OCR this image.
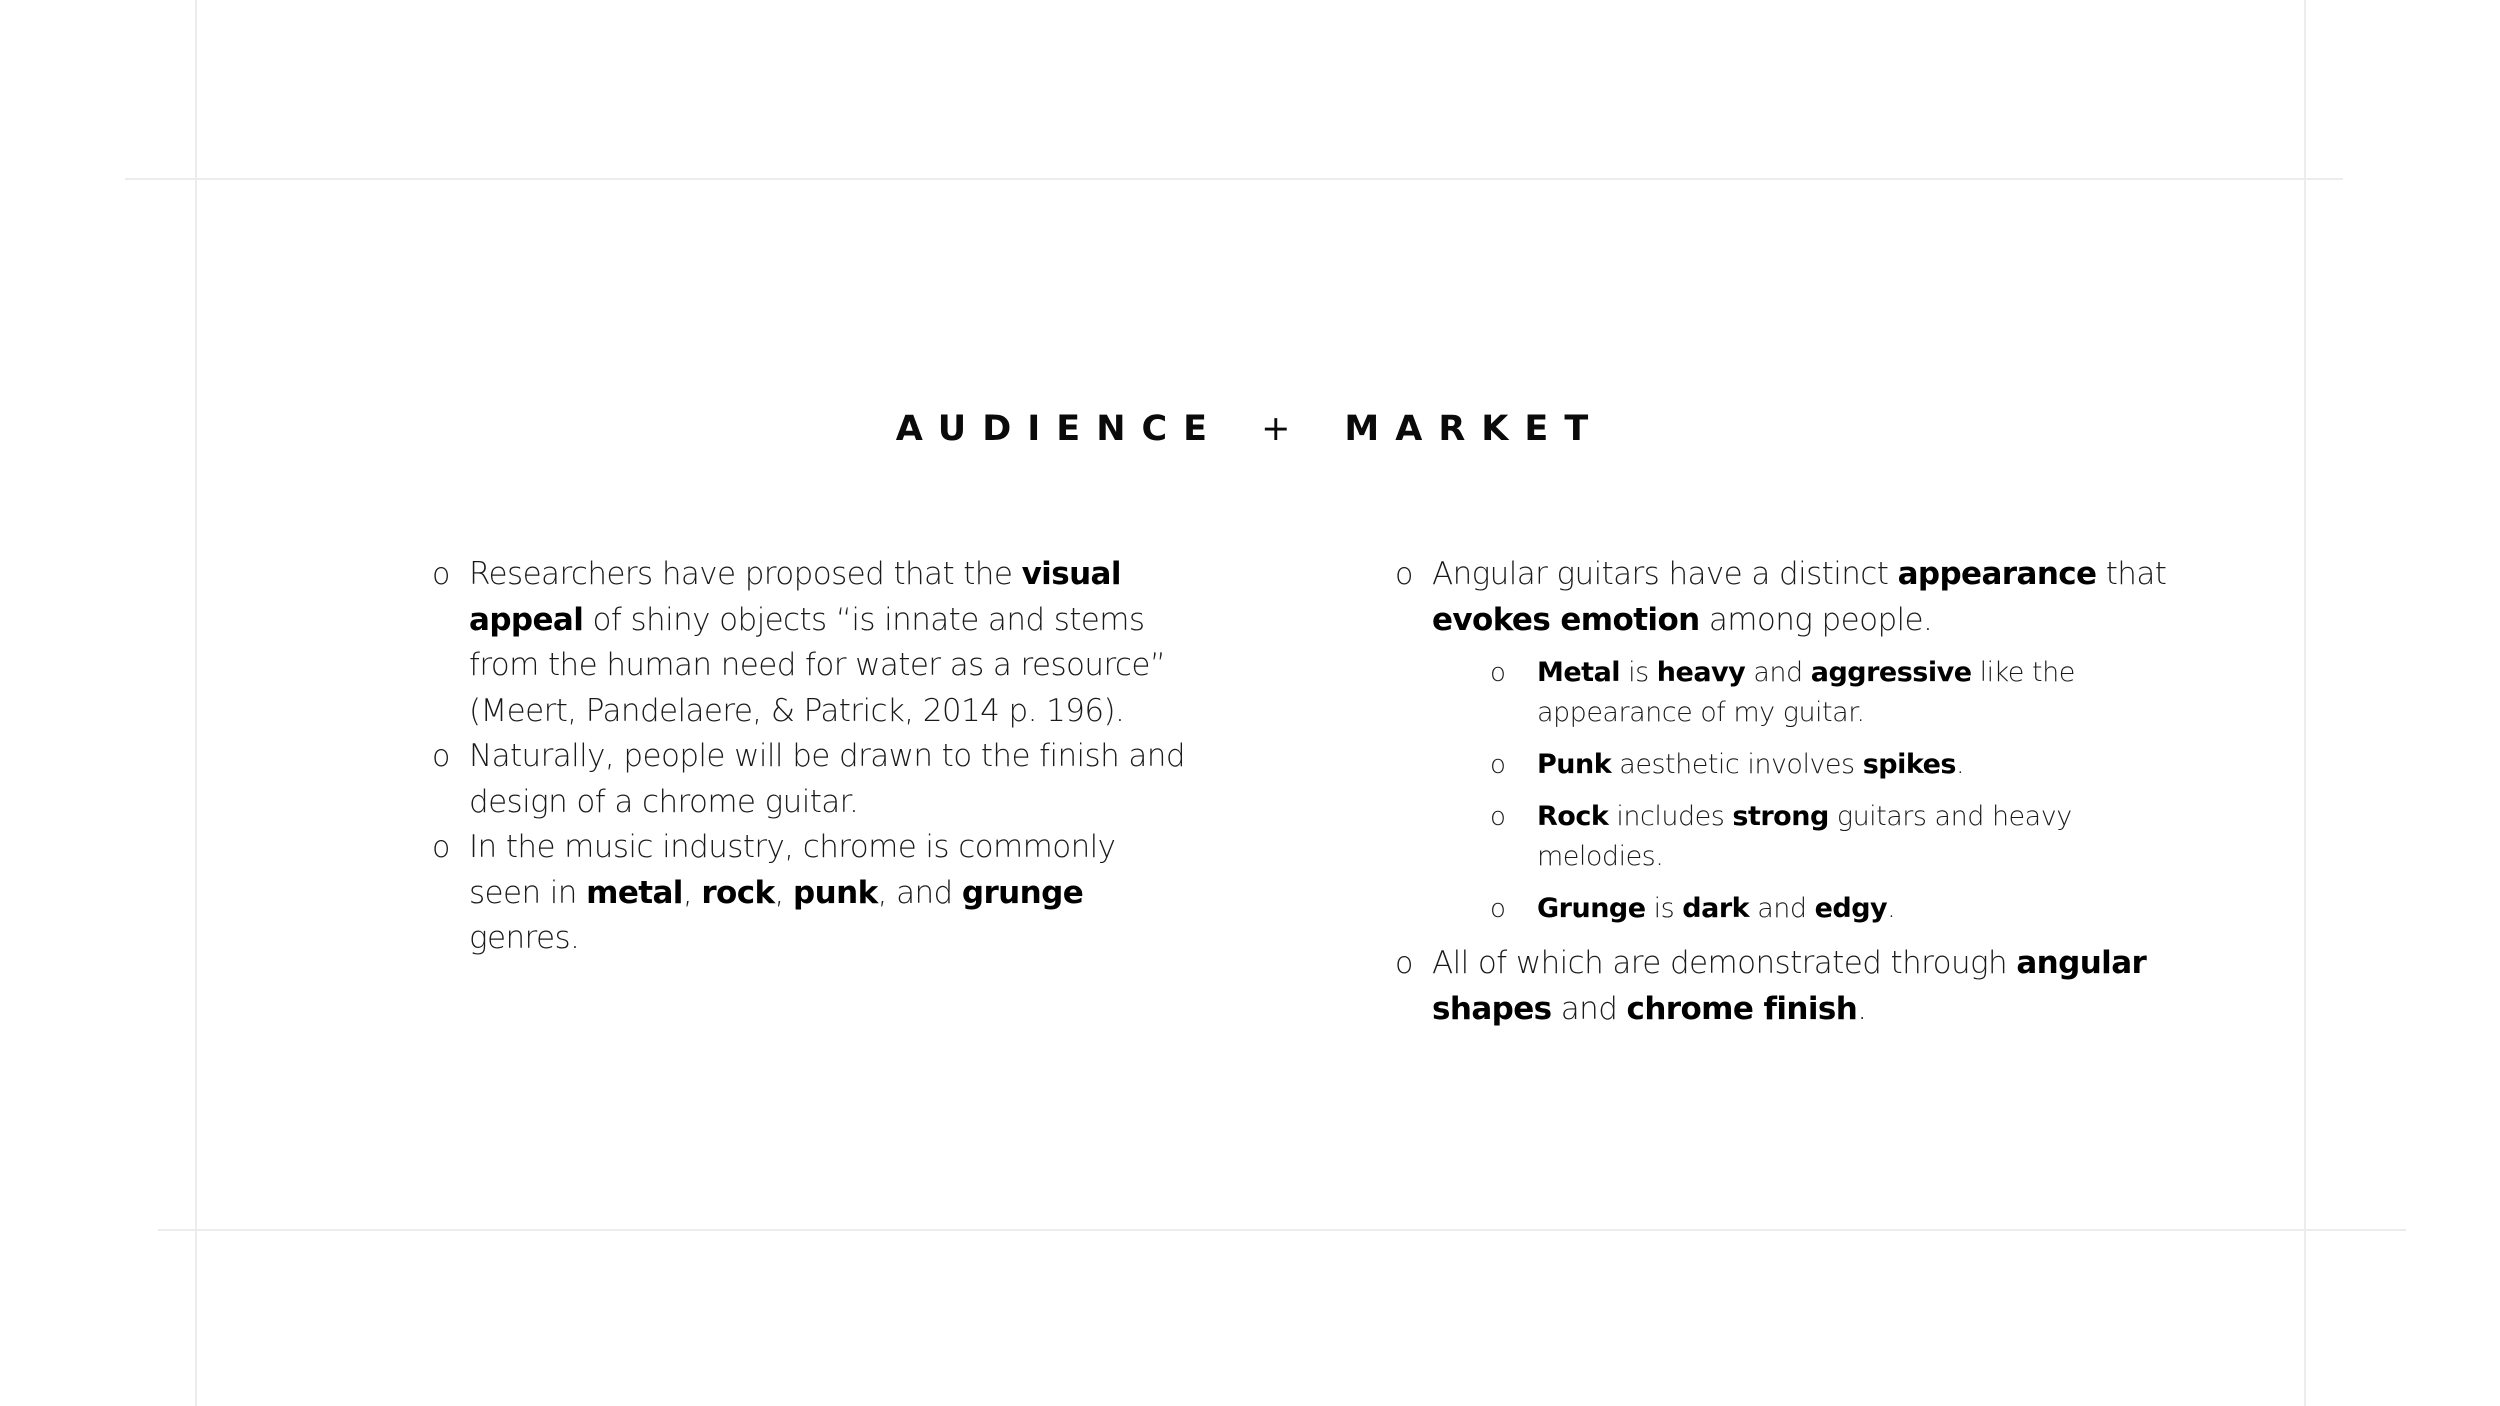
AUDIENCE + MARKET
o Researchers have proposed that the visual appeal of shiny objects “is innate and stems from the human need for water as a resource” (Meert, Pandelaere, & Patrick, 2014 p. 196).
o Naturally, people will be drawn to the finish and design of a chrome guitar.
o In the music industry, chrome is commonly seen in metal, rock, punk, and grunge genres.
o Angular guitars have a distinct appearance that evokes emotion among people.
o Metal is heavy and aggressive like the appearance of my guitar.
o Punk aesthetic involves spikes.
o Rock includes strong guitars and heavy melodies.
o Grunge is dark and edgy.
o All of which are demonstrated through angular shapes and chrome finish.
